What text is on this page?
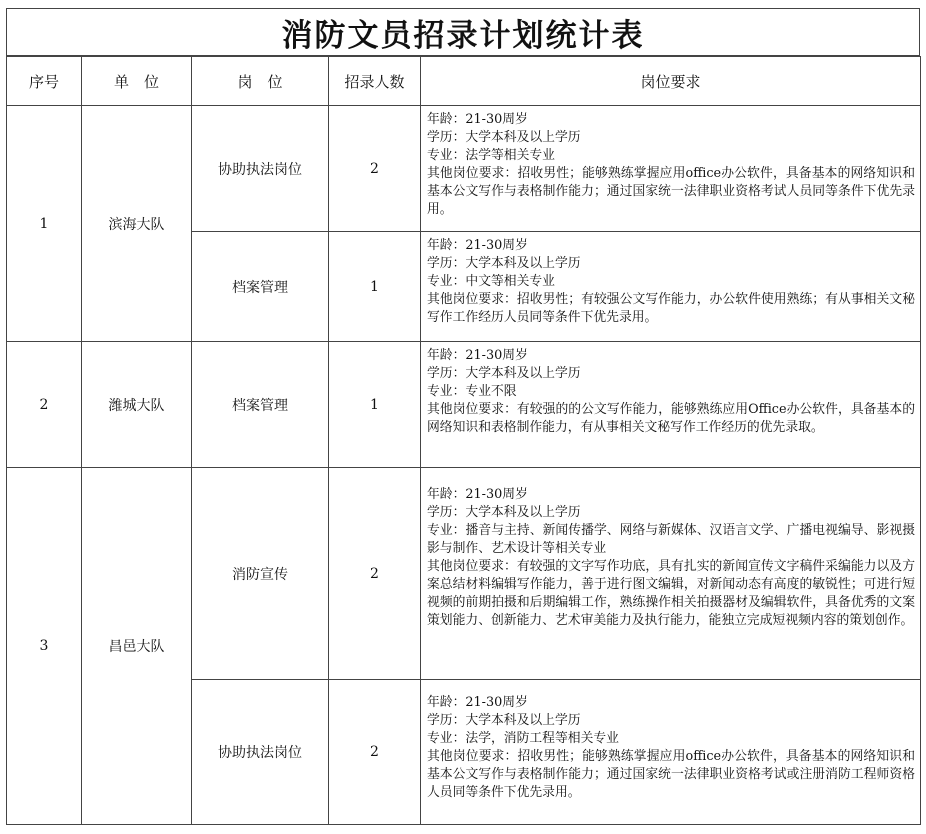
消防文员招录计划统计表
序号	单　位	岗　位	招录人数	岗位要求
1	滨海大队	协助执法岗位	2	年龄：21-30周岁
学历：大学本科及以上学历
专业：法学等相关专业
其他岗位要求：招收男性；能够熟练掌握应用office办公软件，具备基本的网络知识和基本公文写作与表格制作能力；通过国家统一法律职业资格考试人员同等条件下优先录用。

		档案管理	1	年龄：21-30周岁
学历：大学本科及以上学历
专业：中文等相关专业
其他岗位要求：招收男性；有较强公文写作能力，办公软件使用熟练；有从事相关文秘写作工作经历人员同等条件下优先录用。

2	潍城大队	档案管理	1	年龄：21-30周岁
学历：大学本科及以上学历
专业：专业不限
其他岗位要求：有较强的的公文写作能力，能够熟练应用Office办公软件，具备基本的网络知识和表格制作能力，有从事相关文秘写作工作经历的优先录取。

3	昌邑大队	消防宣传	2	年龄：21-30周岁
学历：大学本科及以上学历
专业：播音与主持、新闻传播学、网络与新媒体、汉语言文学、广播电视编导、影视摄影与制作、艺术设计等相关专业
其他岗位要求：有较强的文字写作功底，具有扎实的新闻宣传文字稿件采编能力以及方案总结材料编辑写作能力，善于进行图文编辑，对新闻动态有高度的敏锐性；可进行短视频的前期拍摄和后期编辑工作，熟练操作相关拍摄器材及编辑软件，具备优秀的文案策划能力、创新能力、艺术审美能力及执行能力，能独立完成短视频内容的策划创作。

		协助执法岗位	2	年龄：21-30周岁
学历：大学本科及以上学历
专业：法学，消防工程等相关专业
其他岗位要求：招收男性；能够熟练掌握应用office办公软件，具备基本的网络知识和基本公文写作与表格制作能力；通过国家统一法律职业资格考试或注册消防工程师资格人员同等条件下优先录用。
